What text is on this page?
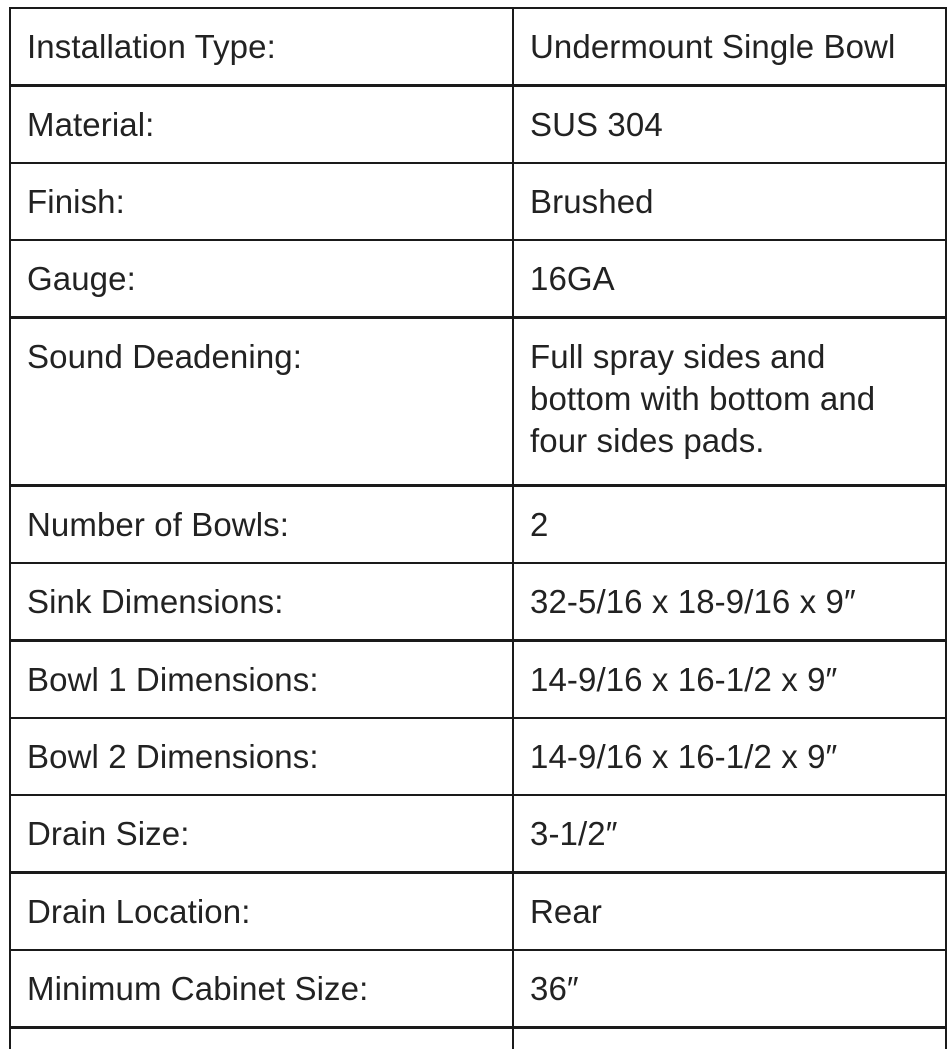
Installation Type:	Undermount Single Bowl
Material:	SUS 304
Finish:	Brushed
Gauge:	16GA
Sound Deadening:	Full spray sides and bottom with bottom and four sides pads.
Number of Bowls:	2
Sink Dimensions:	32-5/16 x 18-9/16 x 9″
Bowl 1 Dimensions:	14-9/16 x 16-1/2 x 9″
Bowl 2 Dimensions:	14-9/16 x 16-1/2 x 9″
Drain Size:	3-1/2″
Drain Location:	Rear
Minimum Cabinet Size:	36″
